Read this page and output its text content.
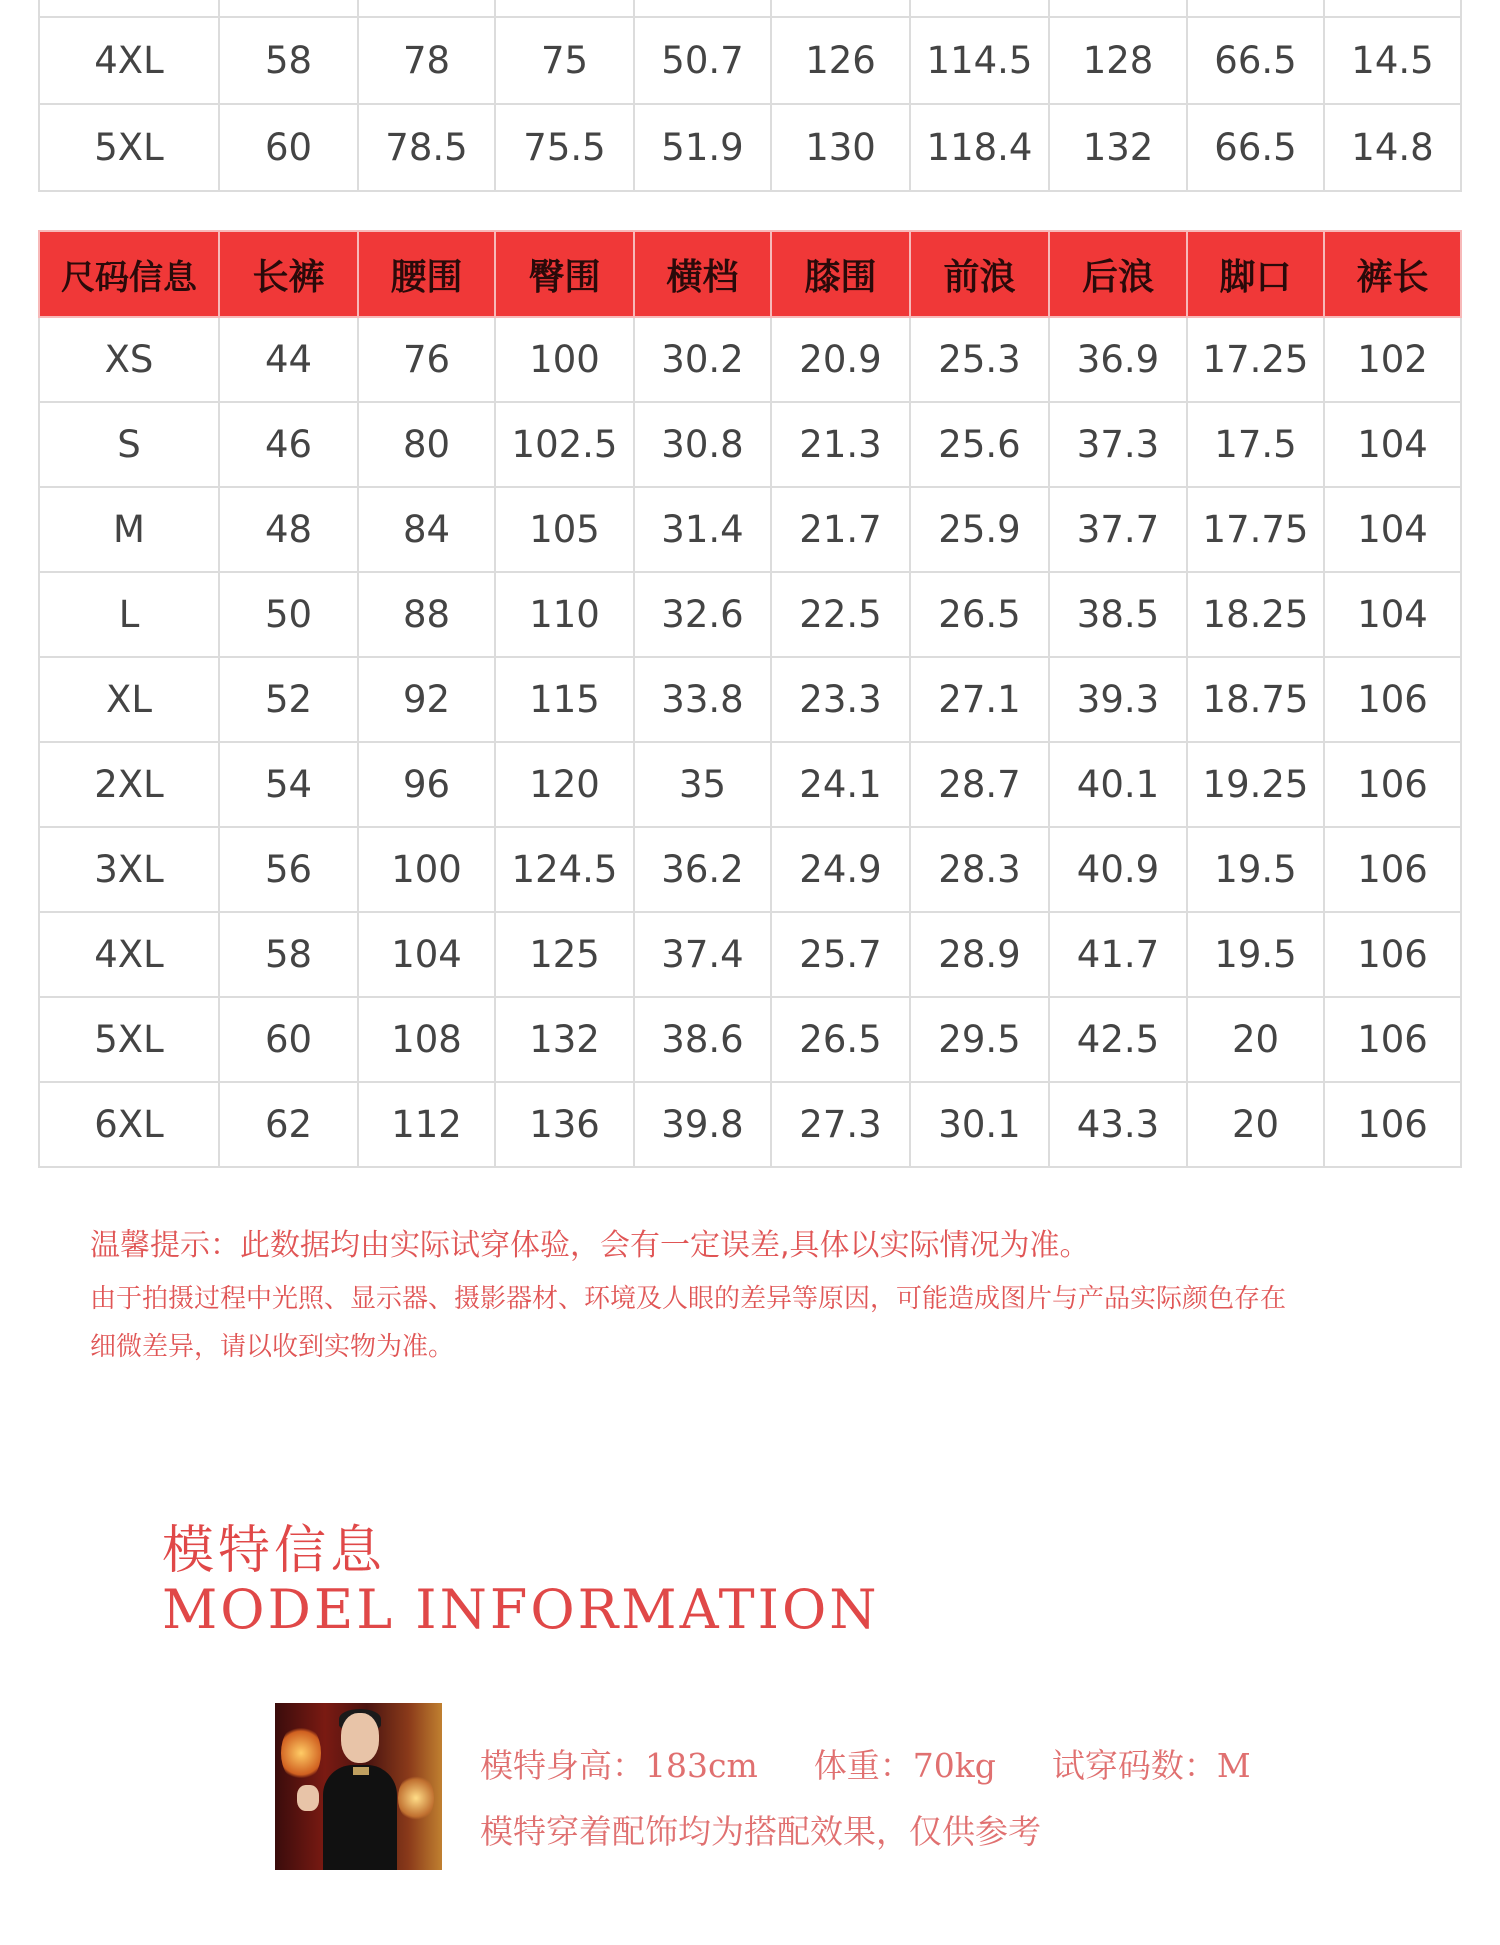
4XL	58	78	75	50.7	126	114.5	128	66.5	14.5
5XL	60	78.5	75.5	51.9	130	118.4	132	66.5	14.8
尺码信息	长裤	腰围	臀围	横档	膝围	前浪	后浪	脚口	裤长
XS	44	76	100	30.2	20.9	25.3	36.9	17.25	102
S	46	80	102.5	30.8	21.3	25.6	37.3	17.5	104
M	48	84	105	31.4	21.7	25.9	37.7	17.75	104
L	50	88	110	32.6	22.5	26.5	38.5	18.25	104
XL	52	92	115	33.8	23.3	27.1	39.3	18.75	106
2XL	54	96	120	35	24.1	28.7	40.1	19.25	106
3XL	56	100	124.5	36.2	24.9	28.3	40.9	19.5	106
4XL	58	104	125	37.4	25.7	28.9	41.7	19.5	106
5XL	60	108	132	38.6	26.5	29.5	42.5	20	106
6XL	62	112	136	39.8	27.3	30.1	43.3	20	106
温馨提示：此数据均由实际试穿体验，会有一定误差,具体以实际情况为准。
由于拍摄过程中光照、显示器、摄影器材、环境及人眼的差异等原因，可能造成图片与产品实际颜色存在
细微差异，请以收到实物为准。
模特信息
MODEL INFORMATION
模特身高：183cm 体重：70kg 试穿码数：M
模特穿着配饰均为搭配效果，仅供参考
